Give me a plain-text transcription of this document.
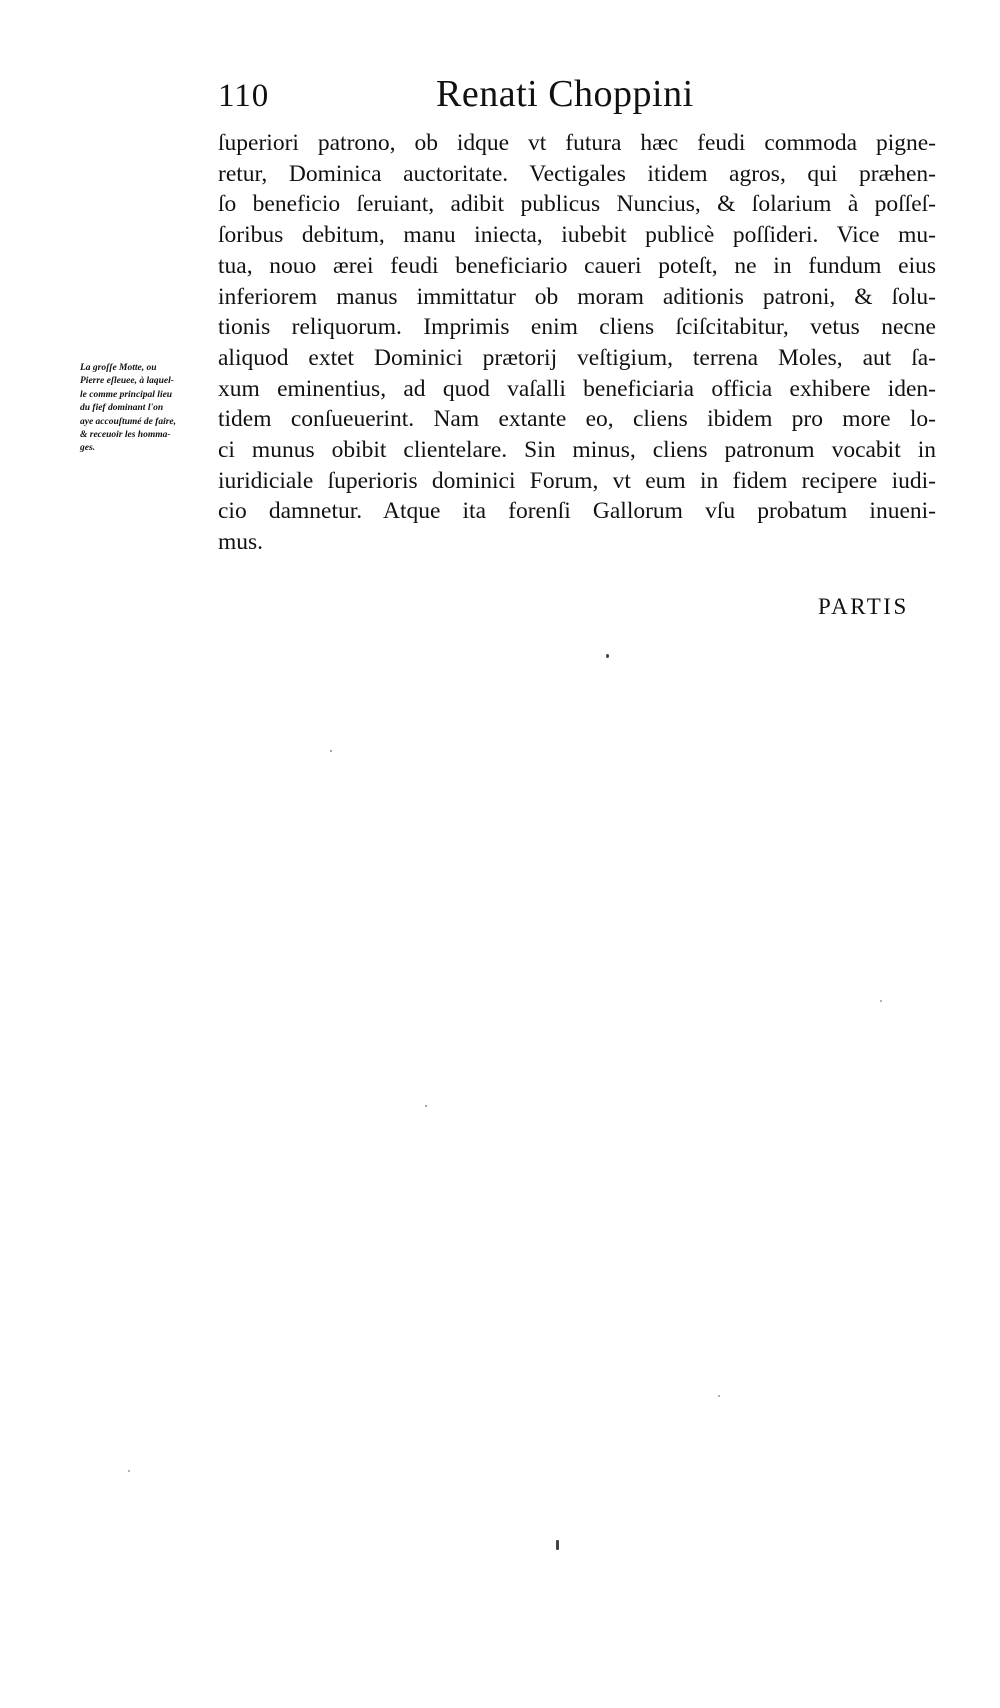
110	Renati Choppini
La groſſe Motte, ou
Pierre eſleuee, à laquel-
le comme principal lieu
du fief dominant l'on
aye accouſtumé de faire,
& receuoir les homma-
ges.
ſuperiori patrono, ob idque vt futura hæc feudi commoda pigne-
retur, Dominica auctoritate. Vectigales itidem agros, qui præhen-
ſo beneficio ſeruiant, adibit publicus Nuncius, & ſolarium à poſſeſ-
ſoribus debitum, manu iniecta, iubebit publicè poſſideri. Vice mu-
tua, nouo ærei feudi beneficiario caueri poteſt, ne in fundum eius
inferiorem manus immittatur ob moram aditionis patroni, & ſolu-
tionis reliquorum. Imprimis enim cliens ſciſcitabitur, vetus necne
aliquod extet Dominici prætorij veſtigium, terrena Moles, aut ſa-
xum eminentius, ad quod vaſalli beneficiaria officia exhibere iden-
tidem conſueuerint. Nam extante eo, cliens ibidem pro more lo-
ci munus obibit clientelare. Sin minus, cliens patronum vocabit in
iuridiciale ſuperioris dominici Forum, vt eum in fidem recipere iudi-
cio damnetur. Atque ita forenſi Gallorum vſu probatum inueni-
mus.
PARTIS
